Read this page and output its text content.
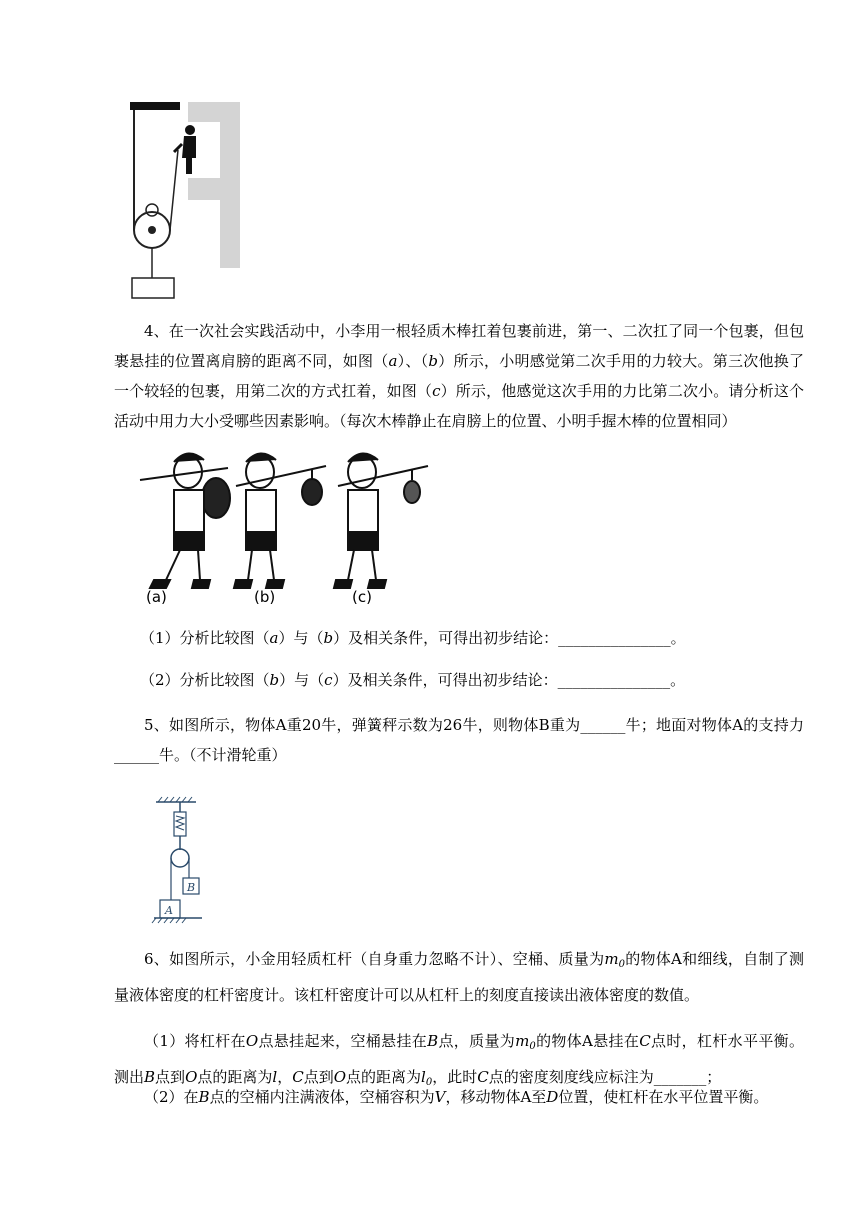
4、在一次社会实践活动中，小李用一根轻质木棒扛着包裹前进，第一、二次扛了同一个包裹，但包裹悬挂的位置离肩膀的距离不同，如图（a）、（b）所示，小明感觉第二次手用的力较大。第三次他换了一个较轻的包裹，用第二次的方式扛着，如图（c）所示，他感觉这次手用的力比第二次小。请分析这个活动中用力大小受哪些因素影响。（每次木棒静止在肩膀上的位置、小明手握木棒的位置相同）
(a)	(b)	(c)
（1）分析比较图（a）与（b）及相关条件，可得出初步结论：_______________。
（2）分析比较图（b）与（c）及相关条件，可得出初步结论：_______________。
5、如图所示，物体A重20牛，弹簧秤示数为26牛，则物体B重为______牛；地面对物体A的支持力______牛。（不计滑轮重）
B
A
6、如图所示，小金用轻质杠杆（自身重力忽略不计）、空桶、质量为$m_0$的物体A和细线，自制了测量液体密度的杠杆密度计。该杠杆密度计可以从杠杆上的刻度直接读出液体密度的数值。
（1）将杠杆在O点悬挂起来，空桶悬挂在B点，质量为$m_0$的物体A悬挂在C点时，杠杆水平平衡。测出B点到O点的距离为l，C点到O点的距离为$l_0$，此时C点的密度刻度线应标注为_______；
（2）在B点的空桶内注满液体，空桶容积为V，移动物体A至D位置，使杠杆在水平位置平衡。
